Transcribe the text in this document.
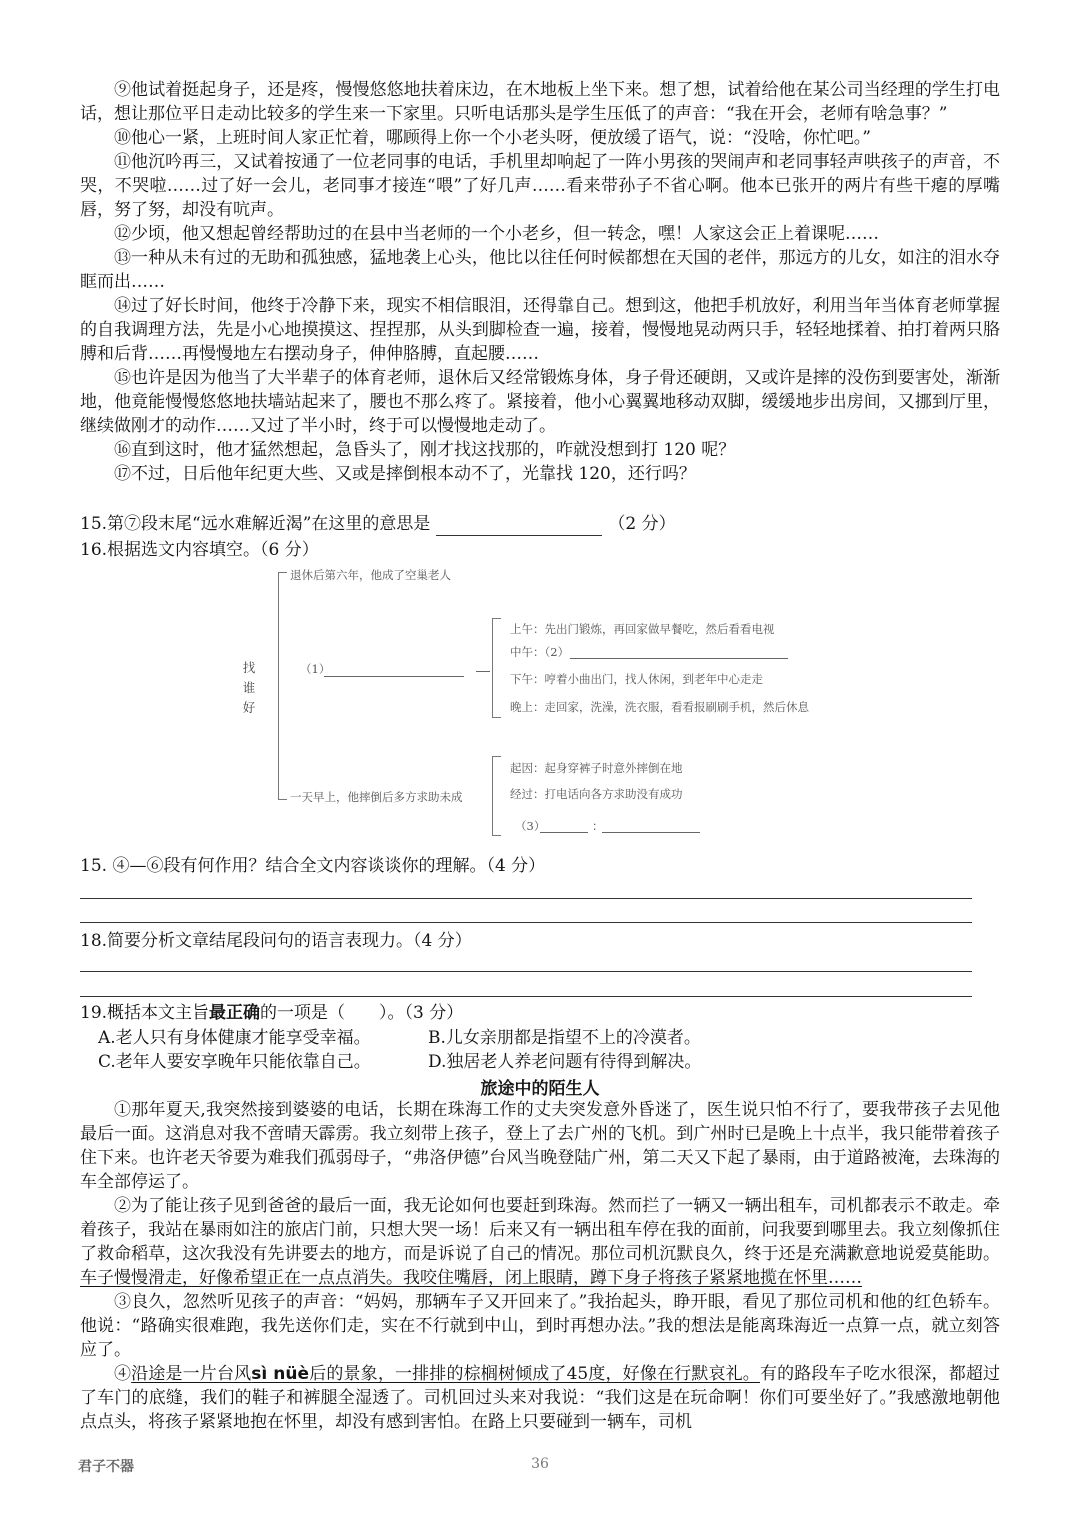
⑨他试着挺起身子，还是疼，慢慢悠悠地扶着床边，在木地板上坐下来。想了想，试着给他在某公司当经理的学生打电话，想让那位平日走动比较多的学生来一下家里。只听电话那头是学生压低了的声音：“我在开会，老师有啥急事？”

⑩他心一紧，上班时间人家正忙着，哪顾得上你一个小老头呀，便放缓了语气，说：“没啥，你忙吧。”

⑪他沉吟再三，又试着按通了一位老同事的电话，手机里却响起了一阵小男孩的哭闹声和老同事轻声哄孩子的声音，不哭，不哭啦……过了好一会儿，老同事才接连“喂”了好几声……看来带孙子不省心啊。他本已张开的两片有些干瘪的厚嘴唇，努了努，却没有吭声。

⑫少顷，他又想起曾经帮助过的在县中当老师的一个小老乡，但一转念，嘿！人家这会正上着课呢……

⑬一种从未有过的无助和孤独感，猛地袭上心头，他比以往任何时候都想在天国的老伴，那远方的儿女，如注的泪水夺眶而出……

⑭过了好长时间，他终于冷静下来，现实不相信眼泪，还得靠自己。想到这，他把手机放好，利用当年当体育老师掌握的自我调理方法，先是小心地摸摸这、捏捏那，从头到脚检查一遍，接着，慢慢地晃动两只手，轻轻地揉着、拍打着两只胳膊和后背……再慢慢地左右摆动身子，伸伸胳膊，直起腰……

⑮也许是因为他当了大半辈子的体育老师，退休后又经常锻炼身体，身子骨还硬朗，又或许是摔的没伤到要害处，渐渐地，他竟能慢慢悠悠地扶墙站起来了，腰也不那么疼了。紧接着，他小心翼翼地移动双脚，缓缓地步出房间，又挪到厅里，继续做刚才的动作……又过了半小时，终于可以慢慢地走动了。

⑯直到这时，他才猛然想起，急昏头了，刚才找这找那的，咋就没想到打 120 呢？

⑰不过，日后他年纪更大些、又或是摔倒根本动不了，光靠找 120，还行吗？

15.第⑦段末尾“远水难解近渴”在这里的意思是	（2 分）
16.根据选文内容填空。（6 分）
找
谁
好
退休后第六年，他成了空巢老人
（1）
上午：先出门锻炼，再回家做早餐吃，然后看看电视
中午：（2）
下午：哼着小曲出门，找人休闲，到老年中心走走
晚上：走回家，洗澡，洗衣服，看看报刷刷手机，然后休息
一天早上，他摔倒后多方求助未成
起因：起身穿裤子时意外摔倒在地
经过：打电话向各方求助没有成功
（3）	：
15. ④—⑥段有何作用？结合全文内容谈谈你的理解。（4 分）
18.简要分析文章结尾段问句的语言表现力。（4 分）
19.概括本文主旨最正确的一项是（　　）。（3 分）
A.老人只有身体健康才能享受幸福。	B.儿女亲朋都是指望不上的冷漠者。
C.老年人要安享晚年只能依靠自己。	D.独居老人养老问题有待得到解决。
旅途中的陌生人

①那年夏天,我突然接到婆婆的电话，长期在珠海工作的丈夫突发意外昏迷了，医生说只怕不行了，要我带孩子去见他最后一面。这消息对我不啻晴天霹雳。我立刻带上孩子，登上了去广州的飞机。到广州时已是晚上十点半，我只能带着孩子住下来。也许老天爷要为难我们孤弱母子，“弗洛伊德”台风当晚登陆广州，第二天又下起了暴雨，由于道路被淹，去珠海的车全部停运了。

②为了能让孩子见到爸爸的最后一面，我无论如何也要赶到珠海。然而拦了一辆又一辆出租车，司机都表示不敢走。牵着孩子，我站在暴雨如注的旅店门前，只想大哭一场！后来又有一辆出租车停在我的面前，问我要到哪里去。我立刻像抓住了救命稻草，这次我没有先讲要去的地方，而是诉说了自己的情况。那位司机沉默良久，终于还是充满歉意地说爱莫能助。车子慢慢滑走，好像希望正在一点点消失。我咬住嘴唇，闭上眼睛，蹲下身子将孩子紧紧地揽在怀里……

③良久，忽然听见孩子的声音：“妈妈，那辆车子又开回来了。”我抬起头，睁开眼，看见了那位司机和他的红色轿车。他说：“路确实很难跑，我先送你们走，实在不行就到中山，到时再想办法。”我的想法是能离珠海近一点算一点，就立刻答应了。

④沿途是一片台风sì nüè后的景象，一排排的棕榈树倾成了45度，好像在行默哀礼。有的路段车子吃水很深，都超过了车门的底缝，我们的鞋子和裤腿全湿透了。司机回过头来对我说：“我们这是在玩命啊！你们可要坐好了。”我感激地朝他点点头，将孩子紧紧地抱在怀里，却没有感到害怕。在路上只要碰到一辆车，司机

君子不器	36
